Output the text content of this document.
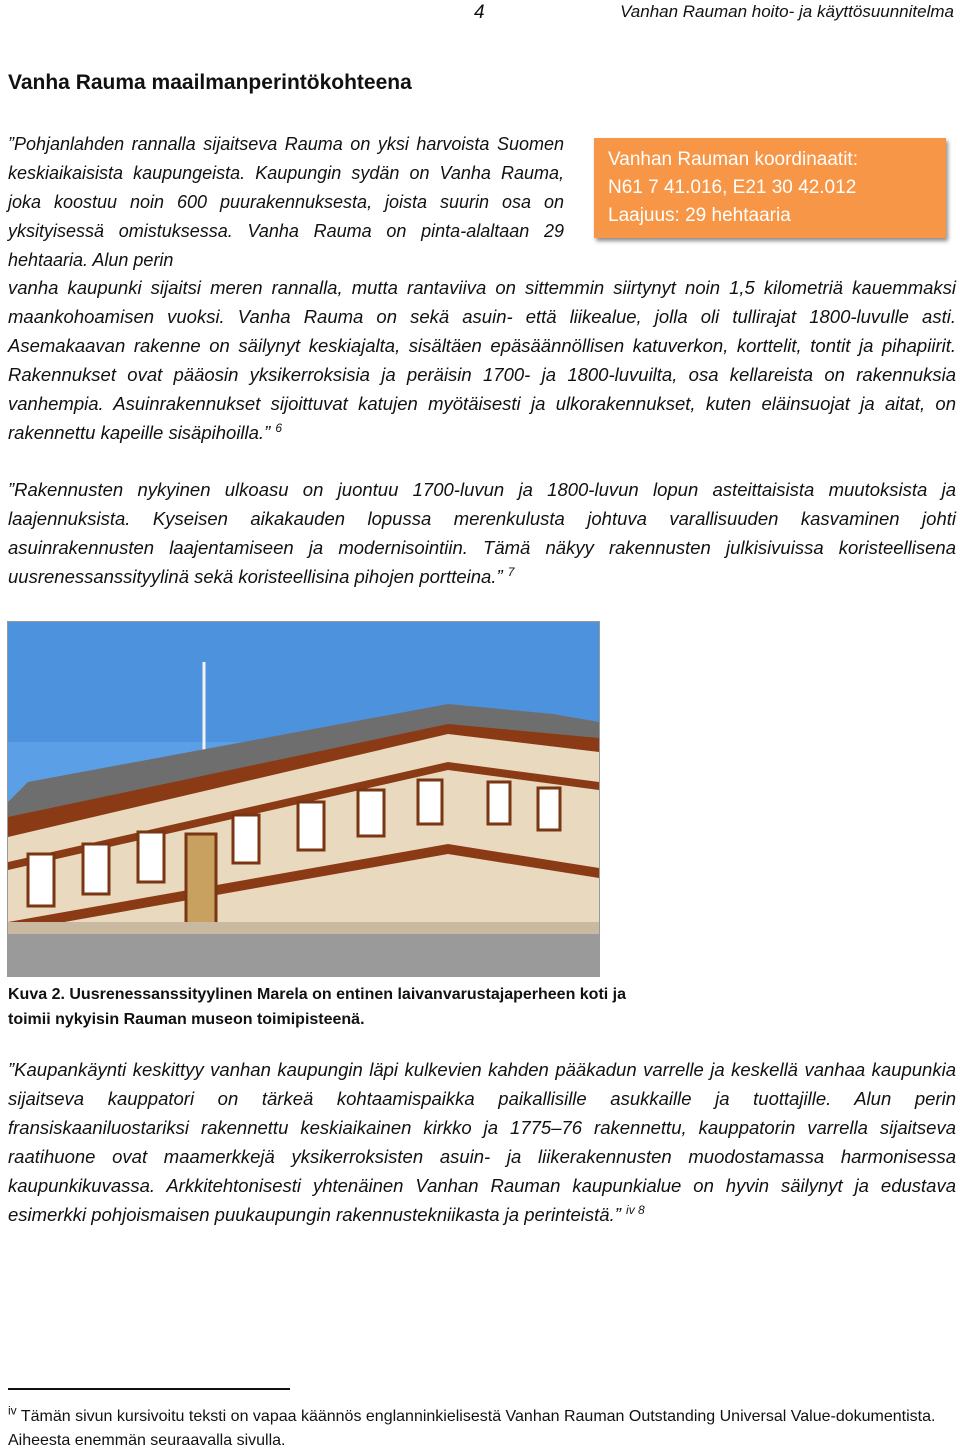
4	Vanhan Rauman hoito- ja käyttösuunnitelma
Vanha Rauma maailmanperintökohteena

”Pohjanlahden rannalla sijaitseva Rauma on yksi harvoista Suomen keskiaikaisista kaupungeista. Kaupungin sydän on Vanha Rauma, joka koostuu noin 600 puurakennuksesta, joista suurin osa on yksityisessä omistuksessa. Vanha Rauma on pinta-alaltaan 29 hehtaaria. Alun perin

Vanhan Rauman koordinaatit:
N61 7 41.016, E21 30 42.012
Laajuus: 29 hehtaaria

vanha kaupunki sijaitsi meren rannalla, mutta rantaviiva on sittemmin siirtynyt noin 1,5 kilometriä kauemmaksi maankohoamisen vuoksi. Vanha Rauma on sekä asuin- että liikealue, jolla oli tullirajat 1800-luvulle asti. Asemakaavan rakenne on säilynyt keskiajalta, sisältäen epäsäännöllisen katuverkon, korttelit, tontit ja pihapiirit. Rakennukset ovat pääosin yksikerroksisia ja peräisin 1700- ja 1800-luvuilta, osa kellareista on rakennuksia vanhempia. Asuinrakennukset sijoittuvat katujen myötäisesti ja ulkorakennukset, kuten eläinsuojat ja aitat, on rakennettu kapeille sisäpihoilla.” $^6$

”Rakennusten nykyinen ulkoasu on juontuu 1700-luvun ja 1800-luvun lopun asteittaisista muutoksista ja laajennuksista. Kyseisen aikakauden lopussa merenkulusta johtuva varallisuuden kasvaminen johti asuinrakennusten laajentamiseen ja modernisointiin. Tämä näkyy rakennusten julkisivuissa koristeellisena uusrenessanssityylinä sekä koristeellisina pihojen portteina.” $^7$

Kuva 2. Uusrenessanssityylinen Marela on entinen laivanvarustajaperheen koti ja toimii nykyisin Rauman museon toimipisteenä.

”Kaupankäynti keskittyy vanhan kaupungin läpi kulkevien kahden pääkadun varrelle ja keskellä vanhaa kaupunkia sijaitseva kauppatori on tärkeä kohtaamispaikka paikallisille asukkaille ja tuottajille. Alun perin fransiskaaniluostariksi rakennettu keskiaikainen kirkko ja 1775–76 rakennettu, kauppatorin varrella sijaitseva raatihuone ovat maamerkkejä yksikerroksisten asuin- ja liikerakennusten muodostamassa harmonisessa kaupunkikuvassa. Arkkitehtonisesti yhtenäinen Vanhan Rauman kaupunkialue on hyvin säilynyt ja edustava esimerkki pohjoismaisen puukaupungin rakennustekniikasta ja perinteistä.” $^{iv 8}$

$^{iv}$ Tämän sivun kursivoitu teksti on vapaa käännös englanninkielisestä Vanhan Rauman Outstanding Universal Value-dokumentista. Aiheesta enemmän seuraavalla sivulla.
